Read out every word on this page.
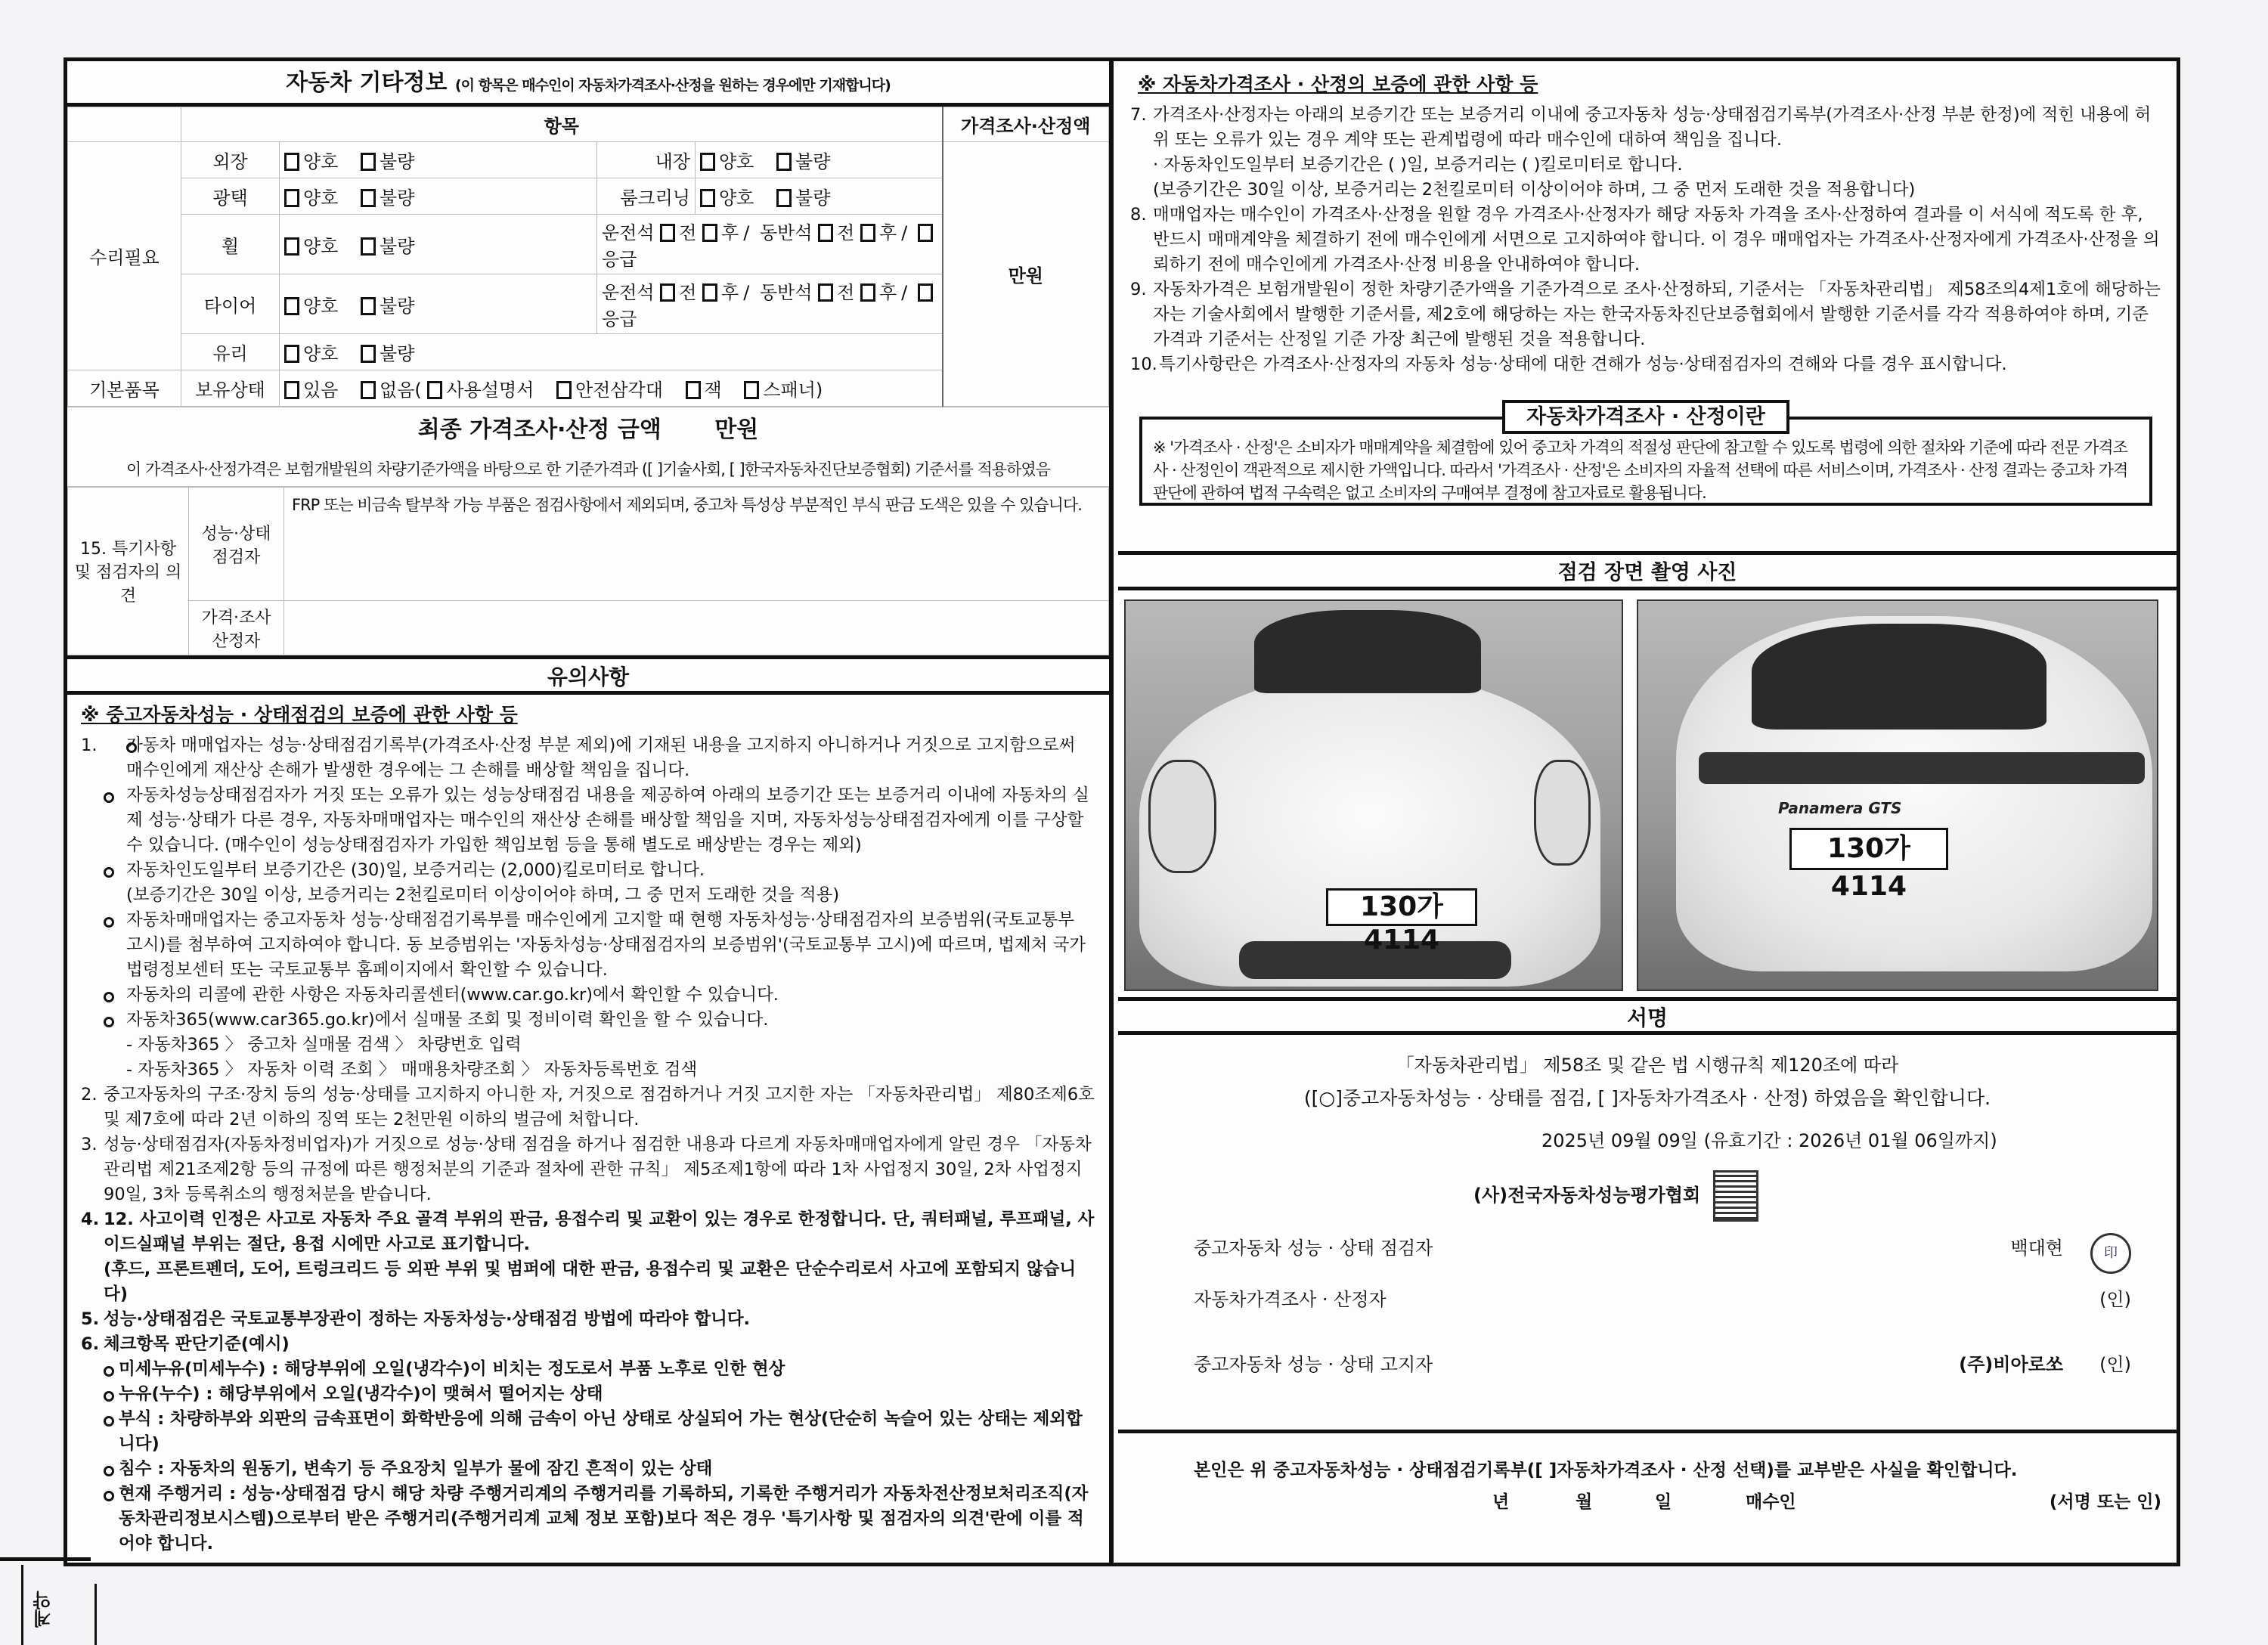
자동차 기타정보 (이 항목은 매수인이 자동차가격조사·산정을 원하는 경우에만 기재합니다)
	항목				가격조사·산정액
수리필요	외장	양호 불량	내장	양호 불량	만원
	광택	양호 불량	룸크리닝	양호 불량	
	휠	양호 불량	운전석 전 후 / 동반석 전 후 / 응급		
	타이어	양호 불량	운전석 전 후 / 동반석 전 후 / 응급		
	유리	양호 불량			
기본품목	보유상태	있음 없음( 사용설명서 안전삼각대 잭 스패너)			
최종 가격조사·산정 금액 만원
이 가격조사·산정가격은 보험개발원의 차량기준가액을 바탕으로 한 기준가격과 ([ ]기술사회, [ ]한국자동차진단보증협회) 기준서를 적용하였음
15. 특기사항 및 점검자의 의견	성능·상태 점검자	FRP 또는 비금속 탈부착 가능 부품은 점검사항에서 제외되며, 중고차 특성상 부분적인 부식 판금 도색은 있을 수 있습니다.
	가격·조사 산정자	
유의사항
※ 중고자동차성능 · 상태점검의 보증에 관한 사항 등
1.	자동차 매매업자는 성능·상태점검기록부(가격조사·산정 부분 제외)에 기재된 내용을 고지하지 아니하거나 거짓으로 고지함으로써 매수인에게 재산상 손해가 발생한 경우에는 그 손해를 배상할 책임을 집니다.
자동차성능상태점검자가 거짓 또는 오류가 있는 성능상태점검 내용을 제공하여 아래의 보증기간 또는 보증거리 이내에 자동차의 실제 성능·상태가 다른 경우, 자동차매매업자는 매수인의 재산상 손해를 배상할 책임을 지며, 자동차성능상태점검자에게 이를 구상할 수 있습니다. (매수인이 성능상태점검자가 가입한 책임보험 등을 통해 별도로 배상받는 경우는 제외)
자동차인도일부터 보증기간은 (30)일, 보증거리는 (2,000)킬로미터로 합니다.
(보증기간은 30일 이상, 보증거리는 2천킬로미터 이상이어야 하며, 그 중 먼저 도래한 것을 적용)
자동차매매업자는 중고자동차 성능·상태점검기록부를 매수인에게 고지할 때 현행 자동차성능·상태점검자의 보증범위(국토교통부 고시)를 첨부하여 고지하여야 합니다. 동 보증범위는 '자동차성능·상태점검자의 보증범위'(국토교통부 고시)에 따르며, 법제처 국가법령정보센터 또는 국토교통부 홈페이지에서 확인할 수 있습니다.
자동차의 리콜에 관한 사항은 자동차리콜센터(www.car.go.kr)에서 확인할 수 있습니다.
자동차365(www.car365.go.kr)에서 실매물 조회 및 정비이력 확인을 할 수 있습니다.
- 자동차365 〉 중고차 실매물 검색 〉 차량번호 입력
- 자동차365 〉 자동차 이력 조회 〉 매매용차량조회 〉 자동차등록번호 검색
2. 중고자동차의 구조·장치 등의 성능·상태를 고지하지 아니한 자, 거짓으로 점검하거나 거짓 고지한 자는 「자동차관리법」 제80조제6호 및 제7호에 따라 2년 이하의 징역 또는 2천만원 이하의 벌금에 처합니다.
3. 성능·상태점검자(자동차정비업자)가 거짓으로 성능·상태 점검을 하거나 점검한 내용과 다르게 자동차매매업자에게 알린 경우 「자동차관리법 제21조제2항 등의 규정에 따른 행정처분의 기준과 절차에 관한 규칙」 제5조제1항에 따라 1차 사업정지 30일, 2차 사업정지 90일, 3차 등록취소의 행정처분을 받습니다.
4. 12. 사고이력 인정은 사고로 자동차 주요 골격 부위의 판금, 용접수리 및 교환이 있는 경우로 한정합니다. 단, 쿼터패널, 루프패널, 사이드실패널 부위는 절단, 용접 시에만 사고로 표기합니다.
(후드, 프론트펜더, 도어, 트렁크리드 등 외판 부위 및 범퍼에 대한 판금, 용접수리 및 교환은 단순수리로서 사고에 포함되지 않습니다)
5. 성능·상태점검은 국토교통부장관이 정하는 자동차성능·상태점검 방법에 따라야 합니다.
6. 체크항목 판단기준(예시)
미세누유(미세누수) : 해당부위에 오일(냉각수)이 비치는 정도로서 부품 노후로 인한 현상
누유(누수) : 해당부위에서 오일(냉각수)이 맺혀서 떨어지는 상태
부식 : 차량하부와 외판의 금속표면이 화학반응에 의해 금속이 아닌 상태로 상실되어 가는 현상(단순히 녹슬어 있는 상태는 제외합니다)
침수 : 자동차의 원동기, 변속기 등 주요장치 일부가 물에 잠긴 흔적이 있는 상태
현재 주행거리 : 성능·상태점검 당시 해당 차량 주행거리계의 주행거리를 기록하되, 기록한 주행거리가 자동차전산정보처리조직(자동차관리정보시스템)으로부터 받은 주행거리(주행거리계 교체 정보 포함)보다 적은 경우 '특기사항 및 점검자의 의견'란에 이를 적어야 합니다.
※ 자동차가격조사 · 산정의 보증에 관한 사항 등
7. 가격조사·산정자는 아래의 보증기간 또는 보증거리 이내에 중고자동차 성능·상태점검기록부(가격조사·산정 부분 한정)에 적힌 내용에 허위 또는 오류가 있는 경우 계약 또는 관계법령에 따라 매수인에 대하여 책임을 집니다.
· 자동차인도일부터 보증기간은 ( )일, 보증거리는 ( )킬로미터로 합니다.
(보증기간은 30일 이상, 보증거리는 2천킬로미터 이상이어야 하며, 그 중 먼저 도래한 것을 적용합니다)
8. 매매업자는 매수인이 가격조사·산정을 원할 경우 가격조사·산정자가 해당 자동차 가격을 조사·산정하여 결과를 이 서식에 적도록 한 후, 반드시 매매계약을 체결하기 전에 매수인에게 서면으로 고지하여야 합니다. 이 경우 매매업자는 가격조사·산정자에게 가격조사·산정을 의뢰하기 전에 매수인에게 가격조사·산정 비용을 안내하여야 합니다.
9. 자동차가격은 보험개발원이 정한 차량기준가액을 기준가격으로 조사·산정하되, 기준서는 「자동차관리법」 제58조의4제1호에 해당하는 자는 기술사회에서 발행한 기준서를, 제2호에 해당하는 자는 한국자동차진단보증협회에서 발행한 기준서를 각각 적용하여야 하며, 기준가격과 기준서는 산정일 기준 가장 최근에 발행된 것을 적용합니다.
10. 특기사항란은 가격조사·산정자의 자동차 성능·상태에 대한 견해가 성능·상태점검자의 견해와 다를 경우 표시합니다.
자동차가격조사 · 산정이란
※ '가격조사 · 산정'은 소비자가 매매계약을 체결함에 있어 중고차 가격의 적절성 판단에 참고할 수 있도록 법령에 의한 절차와 기준에 따라 전문 가격조사 · 산정인이 객관적으로 제시한 가액입니다. 따라서 '가격조사 · 산정'은 소비자의 자율적 선택에 따른 서비스이며, 가격조사 · 산정 결과는 중고차 가격판단에 관하여 법적 구속력은 없고 소비자의 구매여부 결정에 참고자료로 활용됩니다.
점검 장면 촬영 사진
130가 4114
Panamera GTS
130가 4114
서명
「자동차관리법」 제58조 및 같은 법 시행규칙 제120조에 따라
([○]중고자동차성능 · 상태를 점검, [ ]자동차가격조사 · 산정) 하였음을 확인합니다.
2025년 09월 09일 (유효기간 : 2026년 01월 06일까지)
(사)전국자동차성능평가협회
중고자동차 성능 · 상태 점검자	백대현	印
자동차가격조사 · 산정자	(인)
중고자동차 성능 · 상태 고지자	(주)비아로쏘 (인)
본인은 위 중고자동차성능 · 상태점검기록부([ ]자동차가격조사 · 산정 선택)를 교부받은 사실을 확인합니다.
년	월	일	매수인	(서명 또는 인)
계약
